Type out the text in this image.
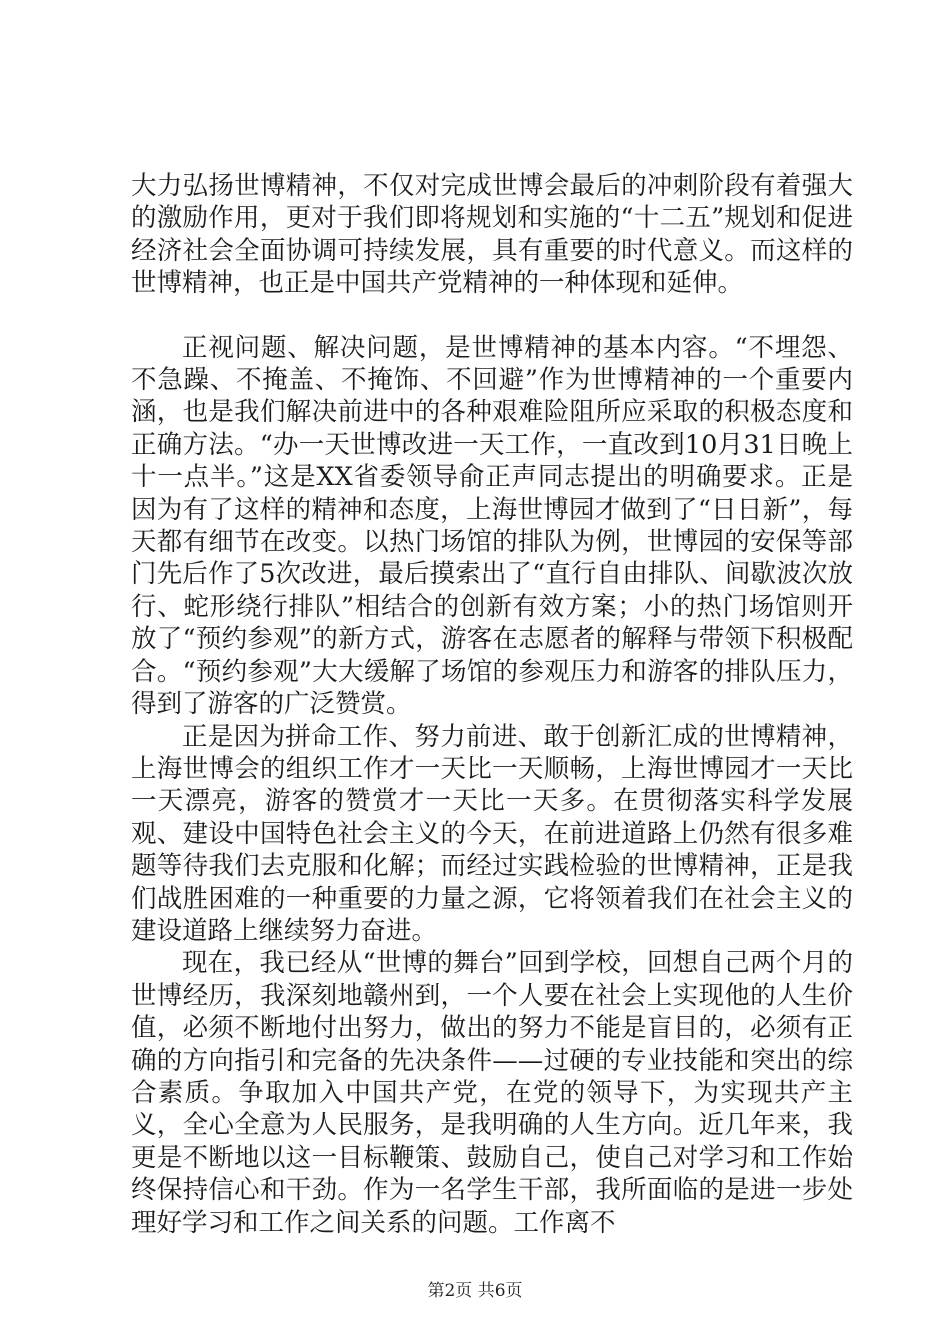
大力弘扬世博精神，不仅对完成世博会最后的冲刺阶段有着强大的激励作用，更对于我们即将规划和实施的“十二五”规划和促进经济社会全面协调可持续发展，具有重要的时代意义。而这样的世博精神，也正是中国共产党精神的一种体现和延伸。

正视问题、解决问题，是世博精神的基本内容。“不埋怨、不急躁、不掩盖、不掩饰、不回避”作为世博精神的一个重要内涵，也是我们解决前进中的各种艰难险阻所应采取的积极态度和正确方法。“办一天世博改进一天工作，一直改到10月31日晚上十一点半。”这是XX省委领导俞正声同志提出的明确要求。正是因为有了这样的精神和态度，上海世博园才做到了“日日新”，每天都有细节在改变。以热门场馆的排队为例，世博园的安保等部门先后作了5次改进，最后摸索出了“直行自由排队、间歇波次放行、蛇形绕行排队”相结合的创新有效方案；小的热门场馆则开放了“预约参观”的新方式，游客在志愿者的解释与带领下积极配合。“预约参观”大大缓解了场馆的参观压力和游客的排队压力，得到了游客的广泛赞赏。

正是因为拼命工作、努力前进、敢于创新汇成的世博精神，上海世博会的组织工作才一天比一天顺畅，上海世博园才一天比一天漂亮，游客的赞赏才一天比一天多。在贯彻落实科学发展观、建设中国特色社会主义的今天，在前进道路上仍然有很多难题等待我们去克服和化解；而经过实践检验的世博精神，正是我们战胜困难的一种重要的力量之源，它将领着我们在社会主义的建设道路上继续努力奋进。

现在，我已经从“世博的舞台”回到学校，回想自己两个月的世博经历，我深刻地赣州到，一个人要在社会上实现他的人生价值，必须不断地付出努力，做出的努力不能是盲目的，必须有正确的方向指引和完备的先决条件——过硬的专业技能和突出的综合素质。争取加入中国共产党，在党的领导下，为实现共产主义，全心全意为人民服务，是我明确的人生方向。近几年来，我更是不断地以这一目标鞭策、鼓励自己，使自己对学习和工作始终保持信心和干劲。作为一名学生干部，我所面临的是进一步处理好学习和工作之间关系的问题。工作离不

第2页 共6页
